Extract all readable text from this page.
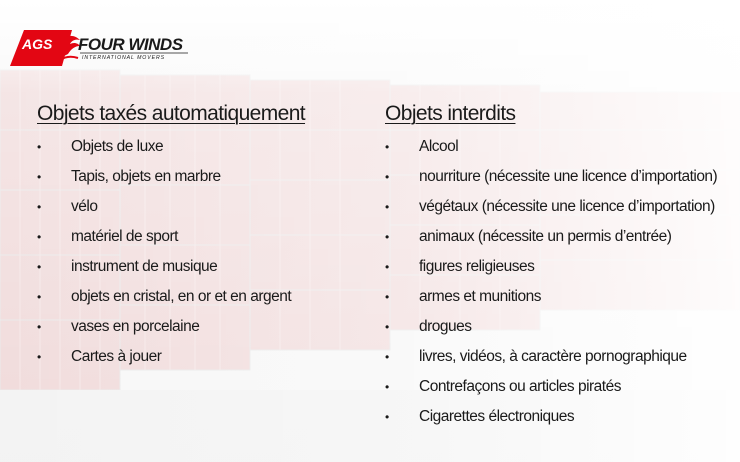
AGS FOUR WINDS
INTERNATIONAL MOVERS
Objets taxés automatiquement
• Objets de luxe
• Tapis, objets en marbre
• vélo
• matériel de sport
• instrument de musique
• objets en cristal, en or et en argent
• vases en porcelaine
• Cartes à jouer
Objets interdits
• Alcool
• nourriture (nécessite une licence d’importation)
• végétaux (nécessite une licence d’importation)
• animaux (nécessite un permis d’entrée)
• figures religieuses
• armes et munitions
• drogues
• livres, vidéos, à caractère pornographique
• Contrefaçons ou articles piratés
• Cigarettes électroniques
